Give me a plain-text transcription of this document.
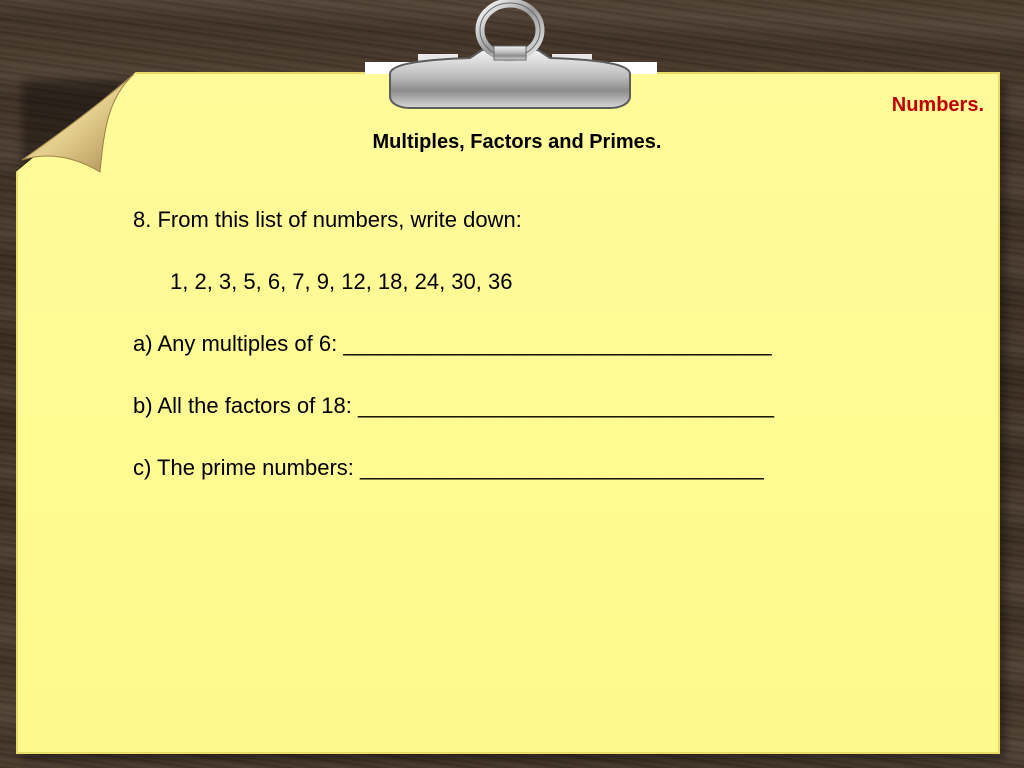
Numbers.
Multiples, Factors and Primes.
8. From this list of numbers, write down:
1, 2, 3, 5, 6, 7, 9, 12, 18, 24, 30, 36
a) Any multiples of 6: ___________________________________
b) All the factors of 18: __________________________________
c) The prime numbers: _________________________________
